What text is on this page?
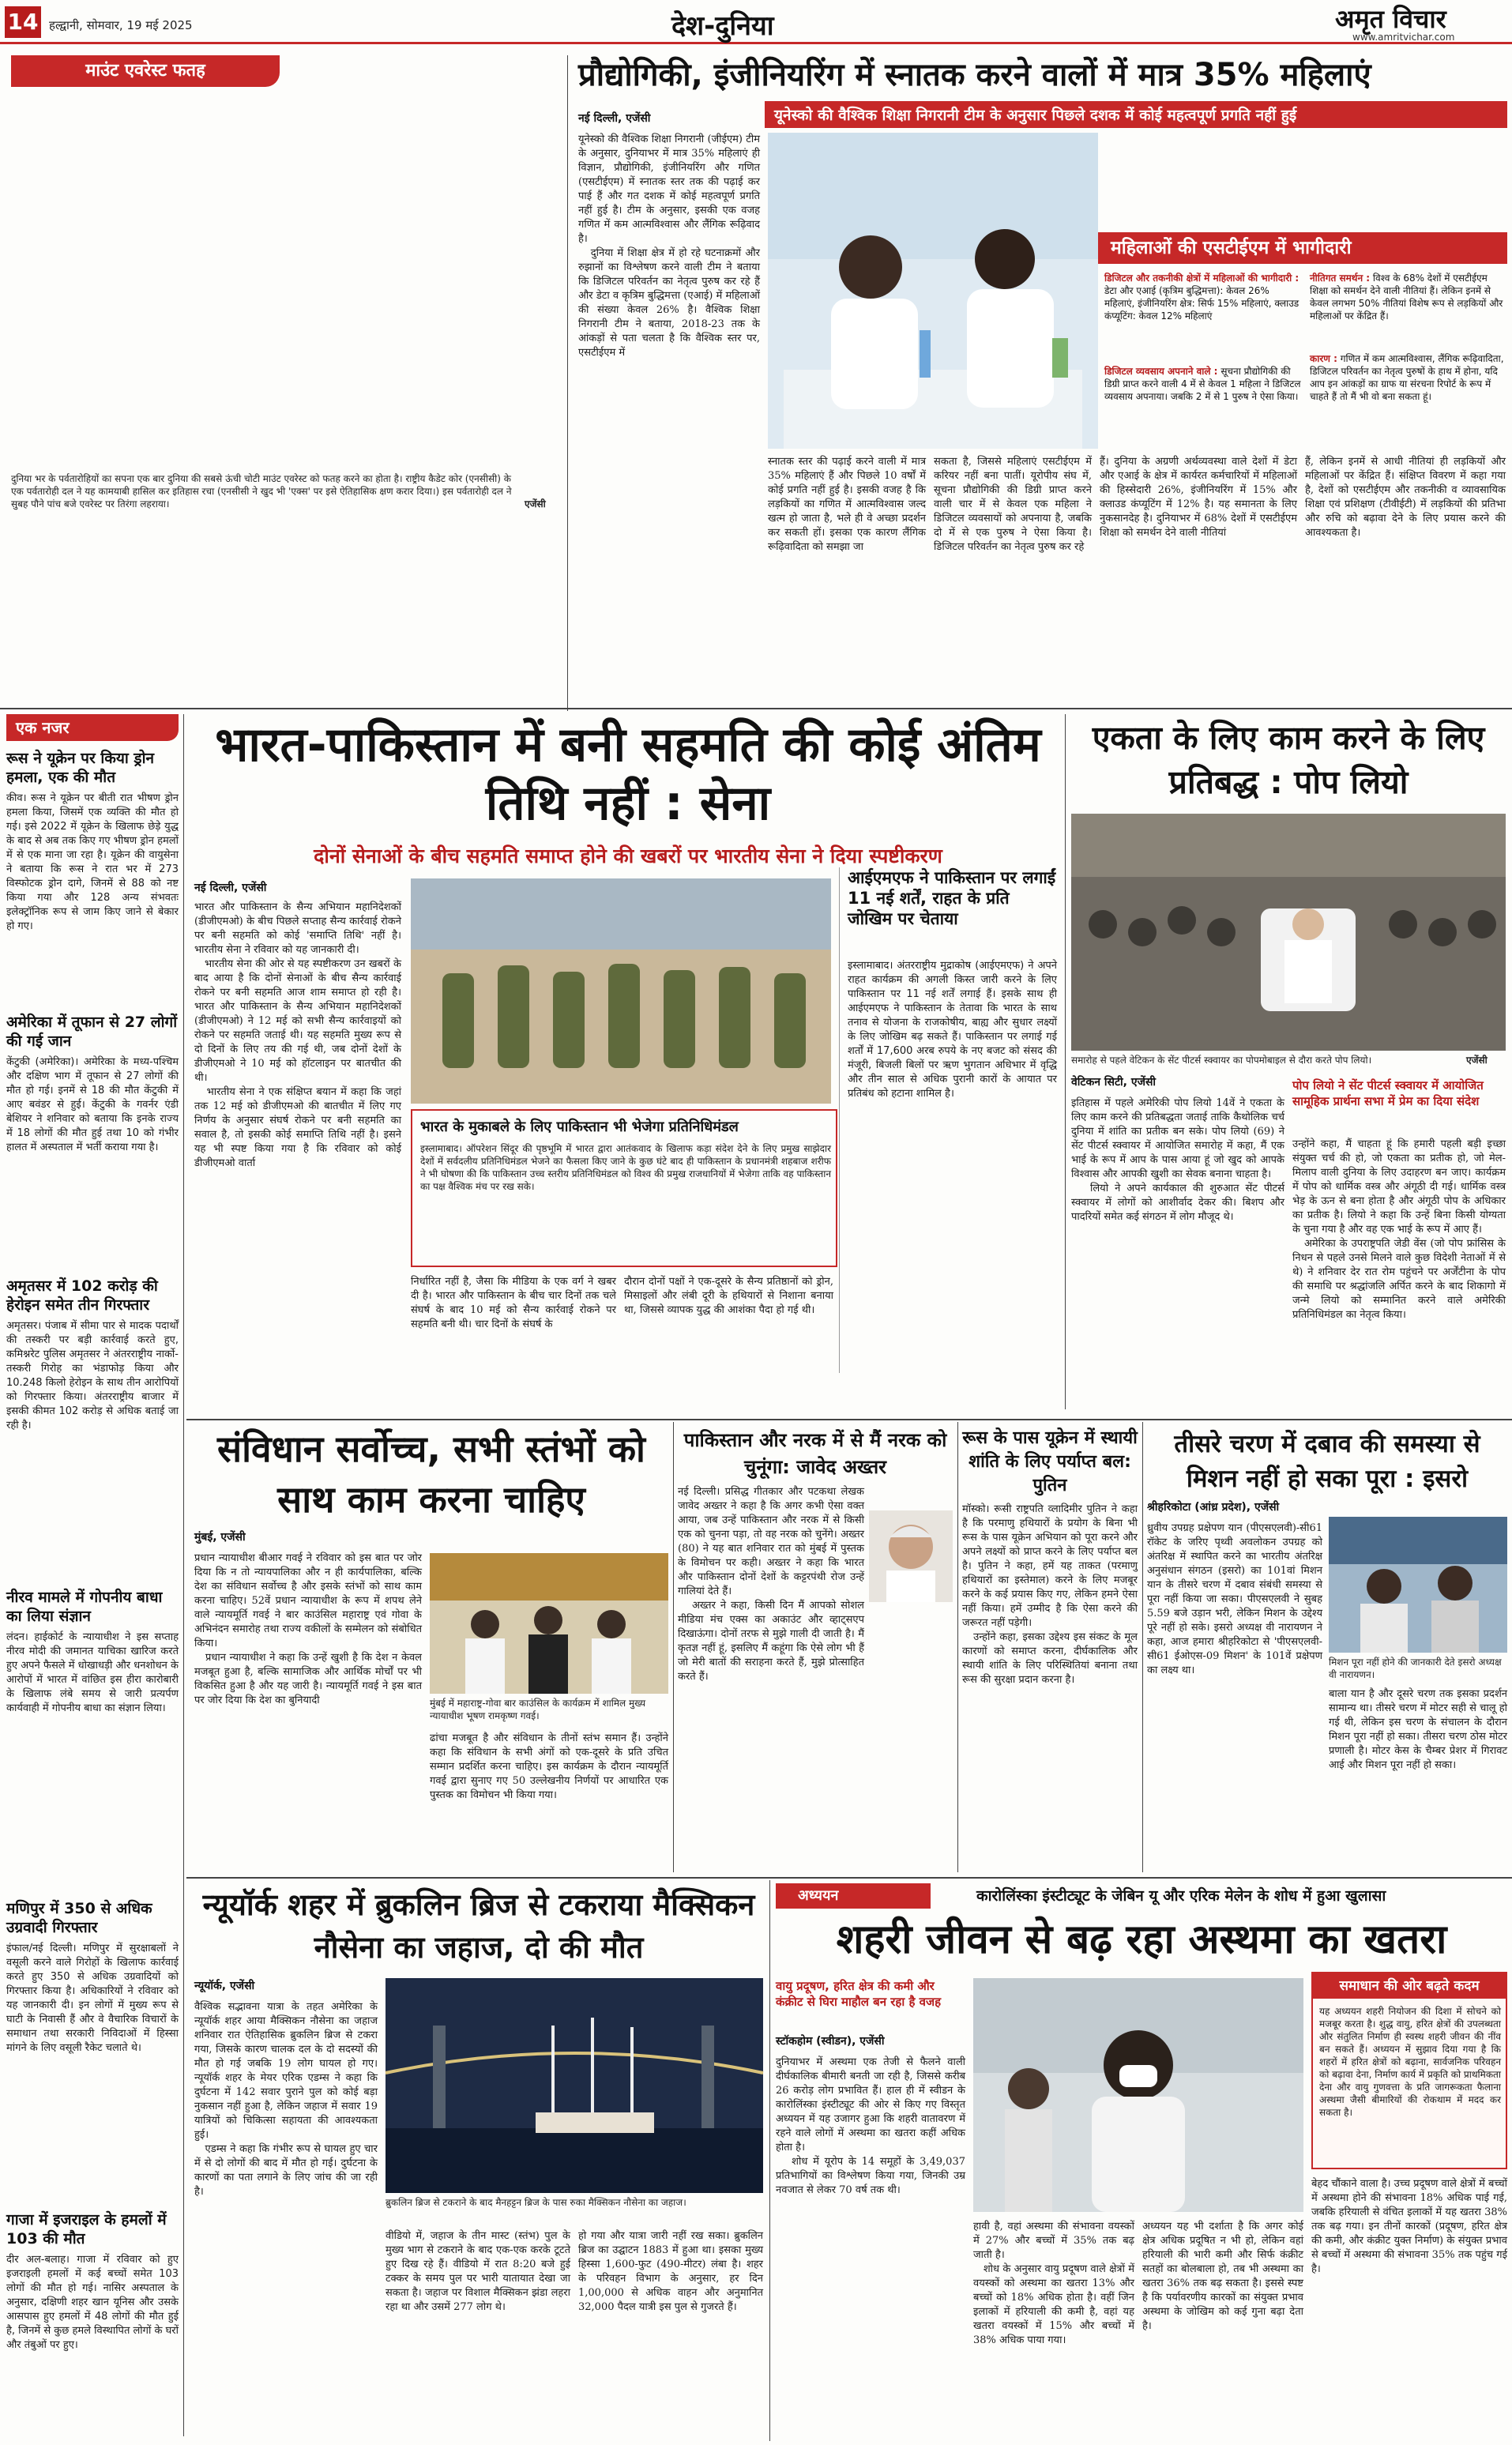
14 हल्द्वानी, सोमवार, 19 मई 2025	देश-दुनिया	अमृत विचार
www.amritvichar.com
माउंट एवरेस्ट फतह
दुनिया भर के पर्वतारोहियों का सपना एक बार दुनिया की सबसे ऊंची चोटी माउंट एवरेस्ट को फतह करने का होता है। राष्ट्रीय कैडेट कोर (एनसीसी) के एक पर्वतारोही दल ने यह कामयाबी हासिल कर इतिहास रचा (एनसीसी ने खुद भी 'एक्स' पर इसे ऐतिहासिक क्षण करार दिया।) इस पर्वतारोही दल ने सुबह पौने पांच बजे एवरेस्ट पर तिरंगा लहराया।	एजेंसी
प्रौद्योगिकी, इंजीनियरिंग में स्नातक करने वालों में मात्र 35% महिलाएं
यूनेस्को की वैश्विक शिक्षा निगरानी टीम के अनुसार पिछले दशक में कोई महत्वपूर्ण प्रगति नहीं हुई
नई दिल्ली, एजेंसी
यूनेस्को की वैश्विक शिक्षा निगरानी (जीईएम) टीम के अनुसार, दुनियाभर में मात्र 35% महिलाएं ही विज्ञान, प्रौद्योगिकी, इंजीनियरिंग और गणित (एसटीईएम) में स्नातक स्तर तक की पढ़ाई कर पाई हैं और गत दशक में कोई महत्वपूर्ण प्रगति नहीं हुई है। टीम के अनुसार, इसकी एक वजह गणित में कम आत्मविश्वास और लैंगिक रूढ़िवाद है।
दुनिया में शिक्षा क्षेत्र में हो रहे घटनाक्रमों और रुझानों का विश्लेषण करने वाली टीम ने बताया कि डिजिटल परिवर्तन का नेतृत्व पुरुष कर रहे हैं और डेटा व कृत्रिम बुद्धिमत्ता (एआई) में महिलाओं की संख्या केवल 26% है। वैश्विक शिक्षा निगरानी टीम ने बताया, 2018-23 तक के आंकड़ों से पता चलता है कि वैश्विक स्तर पर, एसटीईएम में
महिलाओं की एसटीईएम में भागीदारी
डिजिटल और तकनीकी क्षेत्रों में महिलाओं की भागीदारी : डेटा और एआई (कृत्रिम बुद्धिमत्ता): केवल 26% महिलाएं, इंजीनियरिंग क्षेत्र: सिर्फ 15% महिलाएं, क्लाउड कंप्यूटिंग: केवल 12% महिलाएं
डिजिटल व्यवसाय अपनाने वाले : सूचना प्रौद्योगिकी की डिग्री प्राप्त करने वाली 4 में से केवल 1 महिला ने डिजिटल व्यवसाय अपनाया। जबकि 2 में से 1 पुरुष ने ऐसा किया।
नीतिगत समर्थन : विश्व के 68% देशों में एसटीईएम शिक्षा को समर्थन देने वाली नीतियां हैं। लेकिन इनमें से केवल लगभग 50% नीतियां विशेष रूप से लड़कियों और महिलाओं पर केंद्रित हैं।
कारण : गणित में कम आत्मविश्वास, लैंगिक रूढ़िवादिता, डिजिटल परिवर्तन का नेतृत्व पुरुषों के हाथ में होना, यदि आप इन आंकड़ों का ग्राफ या संरचना रिपोर्ट के रूप में चाहते हैं तो मैं भी वो बना सकता हूं।
स्नातक स्तर की पढ़ाई करने वाली में मात्र 35% महिलाएं हैं और पिछले 10 वर्षों में कोई प्रगति नहीं हुई है। इसकी वजह है कि लड़कियों का गणित में आत्मविश्वास जल्द खत्म हो जाता है, भले ही वे अच्छा प्रदर्शन कर सकती हों। इसका एक कारण लैंगिक रूढ़िवादिता को समझा जा
सकता है, जिससे महिलाएं एसटीईएम में करियर नहीं बना पातीं। यूरोपीय संघ में, सूचना प्रौद्योगिकी की डिग्री प्राप्त करने वाली चार में से केवल एक महिला ने डिजिटल व्यवसायों को अपनाया है, जबकि दो में से एक पुरुष ने ऐसा किया है। डिजिटल परिवर्तन का नेतृत्व पुरुष कर रहे
हैं। दुनिया के अग्रणी अर्थव्यवस्था वाले देशों में डेटा और एआई के क्षेत्र में कार्यरत कर्मचारियों में महिलाओं की हिस्सेदारी 26%, इंजीनियरिंग में 15% और क्लाउड कंप्यूटिंग में 12% है। यह समानता के लिए नुकसानदेह है। दुनियाभर में 68% देशों में एसटीईएम शिक्षा को समर्थन देने वाली नीतियां
हैं, लेकिन इनमें से आधी नीतियां ही लड़कियों और महिलाओं पर केंद्रित हैं। संक्षिप्त विवरण में कहा गया है, देशों को एसटीईएम और तकनीकी व व्यावसायिक शिक्षा एवं प्रशिक्षण (टीवीईटी) में लड़कियों की प्रतिभा और रुचि को बढ़ावा देने के लिए प्रयास करने की आवश्यकता है।
एक नजर
रूस ने यूक्रेन पर किया ड्रोन हमला, एक की मौत
कीव। रूस ने यूक्रेन पर बीती रात भीषण ड्रोन हमला किया, जिसमें एक व्यक्ति की मौत हो गई। इसे 2022 में यूक्रेन के खिलाफ छेड़े युद्ध के बाद से अब तक किए गए भीषण ड्रोन हमलों में से एक माना जा रहा है। यूक्रेन की वायुसेना ने बताया कि रूस ने रात भर में 273 विस्फोटक ड्रोन दागे, जिनमें से 88 को नष्ट किया गया और 128 अन्य संभवतः इलेक्ट्रॉनिक रूप से जाम किए जाने से बेकार हो गए।
अमेरिका में तूफान से 27 लोगों की गई जान
केंटुकी (अमेरिका)। अमेरिका के मध्य-पश्चिम और दक्षिण भाग में तूफान से 27 लोगों की मौत हो गई। इनमें से 18 की मौत केंटुकी में आए बवंडर से हुई। केंटुकी के गवर्नर एंडी बेशियर ने शनिवार को बताया कि इनके राज्य में 18 लोगों की मौत हुई तथा 10 को गंभीर हालत में अस्पताल में भर्ती कराया गया है।
अमृतसर में 102 करोड़ की हेरोइन समेत तीन गिरफ्तार
अमृतसर। पंजाब में सीमा पार से मादक पदार्थों की तस्करी पर बड़ी कार्रवाई करते हुए, कमिश्नरेट पुलिस अमृतसर ने अंतरराष्ट्रीय नार्को-तस्करी गिरोह का भंडाफोड़ किया और 10.248 किलो हेरोइन के साथ तीन आरोपियों को गिरफ्तार किया। अंतरराष्ट्रीय बाजार में इसकी कीमत 102 करोड़ से अधिक बताई जा रही है।
नीरव मामले में गोपनीय बाधा का लिया संज्ञान
लंदन। हाईकोर्ट के न्यायाधीश ने इस सप्ताह नीरव मोदी की जमानत याचिका खारिज करते हुए अपने फैसले में धोखाधड़ी और धनशोधन के आरोपों में भारत में वांछित इस हीरा कारोबारी के खिलाफ लंबे समय से जारी प्रत्यर्पण कार्यवाही में गोपनीय बाधा का संज्ञान लिया।
मणिपुर में 350 से अधिक उग्रवादी गिरफ्तार
इंफाल/नई दिल्ली। मणिपुर में सुरक्षाबलों ने वसूली करने वाले गिरोहों के खिलाफ कार्रवाई करते हुए 350 से अधिक उग्रवादियों को गिरफ्तार किया है। अधिकारियों ने रविवार को यह जानकारी दी। इन लोगों में मुख्य रूप से घाटी के निवासी हैं और वे वैचारिक विचारों के समाधान तथा सरकारी निविदाओं में हिस्सा मांगने के लिए वसूली रैकेट चलाते थे।
गाजा में इजराइल के हमलों में 103 की मौत
दीर अल-बलाह। गाजा में रविवार को हुए इजराइली हमलों में कई बच्चों समेत 103 लोगों की मौत हो गई। नासिर अस्पताल के अनुसार, दक्षिणी शहर खान यूनिस और उसके आसपास हुए हमलों में 48 लोगों की मौत हुई है, जिनमें से कुछ हमले विस्थापित लोगों के घरों और तंबुओं पर हुए।
भारत-पाकिस्तान में बनी सहमति की कोई अंतिम तिथि नहीं : सेना
दोनों सेनाओं के बीच सहमति समाप्त होने की खबरों पर भारतीय सेना ने दिया स्पष्टीकरण
नई दिल्ली, एजेंसी
भारत और पाकिस्तान के सैन्य अभियान महानिदेशकों (डीजीएमओ) के बीच पिछले सप्ताह सैन्य कार्रवाई रोकने पर बनी सहमति को कोई 'समाप्ति तिथि' नहीं है। भारतीय सेना ने रविवार को यह जानकारी दी।
भारतीय सेना की ओर से यह स्पष्टीकरण उन खबरों के बाद आया है कि दोनों सेनाओं के बीच सैन्य कार्रवाई रोकने पर बनी सहमति आज शाम समाप्त हो रही है। भारत और पाकिस्तान के सैन्य अभियान महानिदेशकों (डीजीएमओ) ने 12 मई को सभी सैन्य कार्रवाइयों को रोकने पर सहमति जताई थी। यह सहमति मुख्य रूप से दो दिनों के लिए तय की गई थी, जब दोनों देशों के डीजीएमओ ने 10 मई को हॉटलाइन पर बातचीत की थी।
भारतीय सेना ने एक संक्षिप्त बयान में कहा कि जहां तक 12 मई को डीजीएमओ की बातचीत में लिए गए निर्णय के अनुसार संघर्ष रोकने पर बनी सहमति का सवाल है, तो इसकी कोई समाप्ति तिथि नहीं है। इसने यह भी स्पष्ट किया गया है कि रविवार को कोई डीजीएमओ वार्ता
आईएमएफ ने पाकिस्तान पर लगाईं 11 नई शर्तें, राहत के प्रति जोखिम पर चेताया
इस्लामाबाद। अंतरराष्ट्रीय मुद्राकोष (आईएमएफ) ने अपने राहत कार्यक्रम की अगली किस्त जारी करने के लिए पाकिस्तान पर 11 नई शर्तें लगाई हैं। इसके साथ ही आईएमएफ ने पाकिस्तान के तेतावा कि भारत के साथ तनाव से योजना के राजकोषीय, बाह्य और सुधार लक्ष्यों के लिए जोखिम बढ़ सकते हैं। पाकिस्तान पर लगाई गई शर्तों में 17,600 अरब रुपये के नए बजट को संसद की मंजूरी, बिजली बिलों पर ऋण भुगतान अधिभार में वृद्धि और तीन साल से अधिक पुरानी कारों के आयात पर प्रतिबंध को हटाना शामिल है।
भारत के मुकाबले के लिए पाकिस्तान भी भेजेगा प्रतिनिधिमंडल
इस्लामाबाद। ऑपरेशन सिंदूर की पृष्ठभूमि में भारत द्वारा आतंकवाद के खिलाफ कड़ा संदेश देने के लिए प्रमुख साझेदार देशों में सर्वदलीय प्रतिनिधिमंडल भेजने का फैसला किए जाने के कुछ घंटे बाद ही पाकिस्तान के प्रधानमंत्री शहबाज शरीफ ने भी घोषणा की कि पाकिस्तान उच्च स्तरीय प्रतिनिधिमंडल को विश्व की प्रमुख राजधानियों में भेजेगा ताकि वह पाकिस्तान का पक्ष वैश्विक मंच पर रख सके।
निर्धारित नहीं है, जैसा कि मीडिया के एक वर्ग ने खबर दी है। भारत और पाकिस्तान के बीच चार दिनों तक चले संघर्ष के बाद 10 मई को सैन्य कार्रवाई रोकने पर सहमति बनी थी। चार दिनों के संघर्ष के
दौरान दोनों पक्षों ने एक-दूसरे के सैन्य प्रतिष्ठानों को ड्रोन, मिसाइलों और लंबी दूरी के हथियारों से निशाना बनाया था, जिससे व्यापक युद्ध की आशंका पैदा हो गई थी।
एकता के लिए काम करने के लिए प्रतिबद्ध : पोप लियो
समारोह से पहले वेटिकन के सेंट पीटर्स स्क्वायर का पोपमोबाइल से दौरा करते पोप लियो।	एजेंसी
वेटिकन सिटी, एजेंसी
इतिहास में पहले अमेरिकी पोप लियो 14वें ने एकता के लिए काम करने की प्रतिबद्धता जताई ताकि कैथोलिक चर्च दुनिया में शांति का प्रतीक बन सके। पोप लियो (69) ने सेंट पीटर्स स्क्वायर में आयोजित समारोह में कहा, मैं एक भाई के रूप में आप के पास आया हूं जो खुद को आपके विश्वास और आपकी खुशी का सेवक बनाना चाहता है।
लियो ने अपने कार्यकाल की शुरुआत सेंट पीटर्स स्क्वायर में लोगों को आशीर्वाद देकर की। बिशप और पादरियों समेत कई संगठन में लोग मौजूद थे।
पोप लियो ने सेंट पीटर्स स्क्वायर में आयोजित सामूहिक प्रार्थना सभा में प्रेम का दिया संदेश
उन्होंने कहा, मैं चाहता हूं कि हमारी पहली बड़ी इच्छा संयुक्त चर्च की हो, जो एकता का प्रतीक हो, जो मेल-मिलाप वाली दुनिया के लिए उदाहरण बन जाए। कार्यक्रम में पोप को धार्मिक वस्त्र और अंगूठी दी गई। धार्मिक वस्त्र भेड़ के ऊन से बना होता है और अंगूठी पोप के अधिकार का प्रतीक है। लियो ने कहा कि उन्हें बिना किसी योग्यता के चुना गया है और वह एक भाई के रूप में आए हैं।
अमेरिका के उपराष्ट्रपति जेडी वेंस (जो पोप फ्रांसिस के निधन से पहले उनसे मिलने वाले कुछ विदेशी नेताओं में से थे) ने शनिवार देर रात रोम पहुंचने पर अर्जेंटीना के पोप की समाधि पर श्रद्धांजलि अर्पित करने के बाद शिकागो में जन्मे लियो को सम्मानित करने वाले अमेरिकी प्रतिनिधिमंडल का नेतृत्व किया।
संविधान सर्वोच्च, सभी स्तंभों को साथ काम करना चाहिए
मुंबई, एजेंसी
प्रधान न्यायाधीश बीआर गवई ने रविवार को इस बात पर जोर दिया कि न तो न्यायपालिका और न ही कार्यपालिका, बल्कि देश का संविधान सर्वोच्च है और इसके स्तंभों को साथ काम करना चाहिए। 52वें प्रधान न्यायाधीश के रूप में शपथ लेने वाले न्यायमूर्ति गवई ने बार काउंसिल महाराष्ट्र एवं गोवा के अभिनंदन समारोह तथा राज्य वकीलों के सम्मेलन को संबोधित किया।
प्रधान न्यायाधीश ने कहा कि उन्हें खुशी है कि देश न केवल मजबूत हुआ है, बल्कि सामाजिक और आर्थिक मोर्चों पर भी विकसित हुआ है और यह जारी है। न्यायमूर्ति गवई ने इस बात पर जोर दिया कि देश का बुनियादी	मुंबई में महाराष्ट्र-गोवा बार काउंसिल के कार्यक्रम में शामिल मुख्य न्यायाधीश भूषण रामकृष्ण गवई।
ढांचा मजबूत है और संविधान के तीनों स्तंभ समान हैं। उन्होंने कहा कि संविधान के सभी अंगों को एक-दूसरे के प्रति उचित सम्मान प्रदर्शित करना चाहिए। इस कार्यक्रम के दौरान न्यायमूर्ति गवई द्वारा सुनाए गए 50 उल्लेखनीय निर्णयों पर आधारित एक पुस्तक का विमोचन भी किया गया।
पाकिस्तान और नरक में से मैं नरक को चुनूंगा: जावेद अख्तर
नई दिल्ली। प्रसिद्ध गीतकार और पटकथा लेखक जावेद अख्तर ने कहा है कि अगर कभी ऐसा वक्त आया, जब उन्हें पाकिस्तान और नरक में से किसी एक को चुनना पड़ा, तो वह नरक को चुनेंगे। अख्तर (80) ने यह बात शनिवार रात को मुंबई में पुस्तक के विमोचन पर कही। अख्तर ने कहा कि भारत और पाकिस्तान दोनों देशों के कट्टरपंथी रोज उन्हें गालियां देते हैं।
अख्तर ने कहा, किसी दिन मैं आपको सोशल मीडिया मंच एक्स का अकाउंट और व्हाट्सएप दिखाऊंगा। दोनों तरफ से मुझे गाली दी जाती है। मैं कृतज्ञ नहीं हूं, इसलिए मैं कहूंगा कि ऐसे लोग भी हैं जो मेरी बातों की सराहना करते हैं, मुझे प्रोत्साहित करते हैं।
रूस के पास यूक्रेन में स्थायी शांति के लिए पर्याप्त बल: पुतिन
मॉस्को। रूसी राष्ट्रपति व्लादिमीर पुतिन ने कहा है कि परमाणु हथियारों के प्रयोग के बिना भी रूस के पास यूक्रेन अभियान को पूरा करने और अपने लक्ष्यों को प्राप्त करने के लिए पर्याप्त बल है। पुतिन ने कहा, हमें यह ताकत (परमाणु हथियारों का इस्तेमाल) करने के लिए मजबूर करने के कई प्रयास किए गए, लेकिन हमने ऐसा नहीं किया। हमें उम्मीद है कि ऐसा करने की जरूरत नहीं पड़ेगी।
उन्होंने कहा, इसका उद्देश्य इस संकट के मूल कारणों को समाप्त करना, दीर्घकालिक और स्थायी शांति के लिए परिस्थितियां बनाना तथा रूस की सुरक्षा प्रदान करना है।
तीसरे चरण में दबाव की समस्या से मिशन नहीं हो सका पूरा : इसरो
श्रीहरिकोटा (आंध्र प्रदेश), एजेंसी
ध्रुवीय उपग्रह प्रक्षेपण यान (पीएसएलवी)-सी61 रॉकेट के जरिए पृथ्वी अवलोकन उपग्रह को अंतरिक्ष में स्थापित करने का भारतीय अंतरिक्ष अनुसंधान संगठन (इसरो) का 101वां मिशन यान के तीसरे चरण में दबाव संबंधी समस्या से पूरा नहीं किया जा सका। पीएसएलवी ने सुबह 5.59 बजे उड़ान भरी, लेकिन मिशन के उद्देश्य पूरे नहीं हो सके। इसरो अध्यक्ष वी नारायणन ने कहा, आज हमारा श्रीहरिकोटा से 'पीएसएलवी-सी61 ईओएस-09 मिशन' के 101वें प्रक्षेपण का लक्ष्य था।
मिशन पूरा नहीं होने की जानकारी देते इसरो अध्यक्ष वी नारायणन।
बाला यान है और दूसरे चरण तक इसका प्रदर्शन सामान्य था। तीसरे चरण में मोटर सही से चालू हो गई थी, लेकिन इस चरण के संचालन के दौरान मिशन पूरा नहीं हो सका। तीसरा चरण ठोस मोटर प्रणाली है। मोटर केस के चैम्बर प्रेशर में गिरावट आई और मिशन पूरा नहीं हो सका।
न्यूयॉर्क शहर में ब्रुकलिन ब्रिज से टकराया मैक्सिकन नौसेना का जहाज, दो की मौत
न्यूयॉर्क, एजेंसी
वैश्विक सद्भावना यात्रा के तहत अमेरिका के न्यूयॉर्क शहर आया मैक्सिकन नौसेना का जहाज शनिवार रात ऐतिहासिक ब्रुकलिन ब्रिज से टकरा गया, जिसके कारण चालक दल के दो सदस्यों की मौत हो गई जबकि 19 लोग घायल हो गए। न्यूयॉर्क शहर के मेयर एरिक एडम्स ने कहा कि दुर्घटना में 142 सवार पुराने पुल को कोई बड़ा नुकसान नहीं हुआ है, लेकिन जहाज में सवार 19 यात्रियों को चिकित्सा सहायता की आवश्यकता हुई।
एडम्स ने कहा कि गंभीर रूप से घायल हुए चार में से दो लोगों की बाद में मौत हो गई। दुर्घटना के कारणों का पता लगाने के लिए जांच की जा रही है।
ब्रुकलिन ब्रिज से टकराने के बाद मैनहट्टन ब्रिज के पास रुका मैक्सिकन नौसेना का जहाज।
वीडियो में, जहाज के तीन मास्ट (स्तंभ) पुल के मुख्य भाग से टकराने के बाद एक-एक करके टूटते हुए दिख रहे हैं। वीडियो में रात 8:20 बजे हुई टक्कर के समय पुल पर भारी यातायात देखा जा सकता है। जहाज पर विशाल मैक्सिकन झंडा लहरा रहा था और उसमें 277 लोग थे।
हो गया और यात्रा जारी नहीं रख सका। ब्रुकलिन ब्रिज का उद्घाटन 1883 में हुआ था। इसका मुख्य हिस्सा 1,600-फुट (490-मीटर) लंबा है। शहर के परिवहन विभाग के अनुसार, हर दिन 1,00,000 से अधिक वाहन और अनुमानित 32,000 पैदल यात्री इस पुल से गुजरते हैं।
अध्ययन	कारोलिंस्का इंस्टीट्यूट के जेबिन यू और एरिक मेलेन के शोध में हुआ खुलासा
शहरी जीवन से बढ़ रहा अस्थमा का खतरा
वायु प्रदूषण, हरित क्षेत्र की कमी और कंक्रीट से घिरा माहौल बन रहा है वजह
स्टॉकहोम (स्वीडन), एजेंसी
दुनियाभर में अस्थमा एक तेजी से फैलने वाली दीर्घकालिक बीमारी बनती जा रही है, जिससे करीब 26 करोड़ लोग प्रभावित हैं। हाल ही में स्वीडन के कारोलिंस्का इंस्टीट्यूट की ओर से किए गए विस्तृत अध्ययन में यह उजागर हुआ कि शहरी वातावरण में रहने वाले लोगों में अस्थमा का खतरा कहीं अधिक होता है।
शोध में यूरोप के 14 समूहों के 3,49,037 प्रतिभागियों का विश्लेषण किया गया, जिनकी उम्र नवजात से लेकर 70 वर्ष तक थी।
हावी है, वहां अस्थमा की संभावना वयस्कों में 27% और बच्चों में 35% तक बढ़ जाती है।
शोध के अनुसार वायु प्रदूषण वाले क्षेत्रों में वयस्कों को अस्थमा का खतरा 13% और बच्चों को 18% अधिक होता है। वहीं जिन इलाकों में हरियाली की कमी है, वहां यह खतरा वयस्कों में 15% और बच्चों में 38% अधिक पाया गया।
अध्ययन यह भी दर्शाता है कि अगर कोई क्षेत्र अधिक प्रदूषित न भी हो, लेकिन वहां हरियाली की भारी कमी और सिर्फ कंक्रीट सतहों का बोलबाला हो, तब भी अस्थमा का खतरा 36% तक बढ़ सकता है। इससे स्पष्ट है कि पर्यावरणीय कारकों का संयुक्त प्रभाव अस्थमा के जोखिम को कई गुना बढ़ा देता है।
समाधान की ओर बढ़ते कदम
यह अध्ययन शहरी नियोजन की दिशा में सोचने को मजबूर करता है। शुद्ध वायु, हरित क्षेत्रों की उपलब्धता और संतुलित निर्माण ही स्वस्थ शहरी जीवन की नींव बन सकते हैं। अध्ययन में सुझाव दिया गया है कि शहरों में हरित क्षेत्रों को बढ़ाना, सार्वजनिक परिवहन को बढ़ावा देना, निर्माण कार्य में प्रकृति को प्राथमिकता देना और वायु गुणवत्ता के प्रति जागरूकता फैलाना अस्थमा जैसी बीमारियों की रोकथाम में मदद कर सकता है।
बेहद चौंकाने वाला है। उच्च प्रदूषण वाले क्षेत्रों में बच्चों में अस्थमा होने की संभावना 18% अधिक पाई गई, जबकि हरियाली से वंचित इलाकों में यह खतरा 38% तक बढ़ गया। इन तीनों कारकों (प्रदूषण, हरित क्षेत्र की कमी, और कंक्रीट युक्त निर्माण) के संयुक्त प्रभाव से बच्चों में अस्थमा की संभावना 35% तक पहुंच गई है।
